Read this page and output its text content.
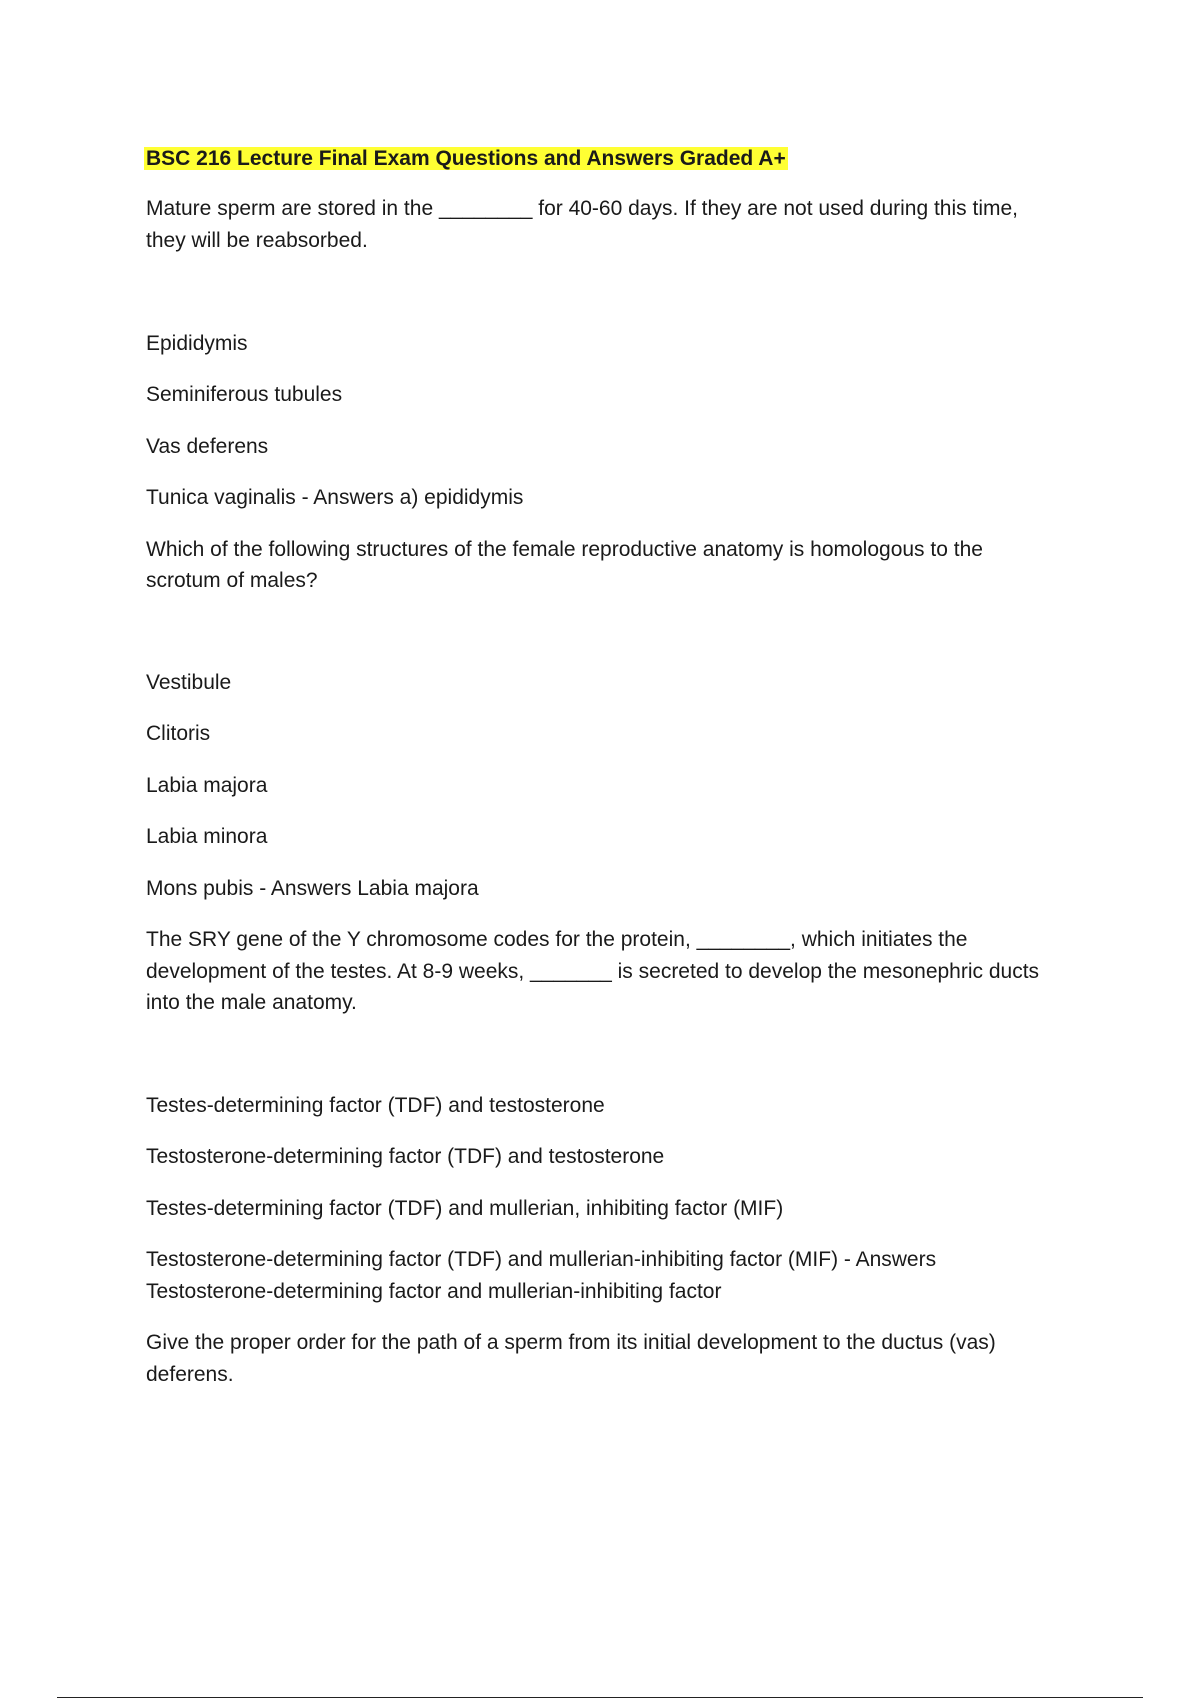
BSC 216 Lecture Final Exam Questions and Answers Graded A+

Mature sperm are stored in the ________ for 40-60 days. If they are not used during this time,

they will be reabsorbed.

Epididymis

Seminiferous tubules

Vas deferens

Tunica vaginalis - Answers a) epididymis

Which of the following structures of the female reproductive anatomy is homologous to the

scrotum of males?

Vestibule

Clitoris

Labia majora

Labia minora

Mons pubis - Answers Labia majora

The SRY gene of the Y chromosome codes for the protein, ________, which initiates the

development of the testes. At 8-9 weeks, _______ is secreted to develop the mesonephric ducts

into the male anatomy.

Testes-determining factor (TDF) and testosterone

Testosterone-determining factor (TDF) and testosterone

Testes-determining factor (TDF) and mullerian, inhibiting factor (MIF)

Testosterone-determining factor (TDF) and mullerian-inhibiting factor (MIF) - Answers

Testosterone-determining factor and mullerian-inhibiting factor

Give the proper order for the path of a sperm from its initial development to the ductus (vas)

deferens.
